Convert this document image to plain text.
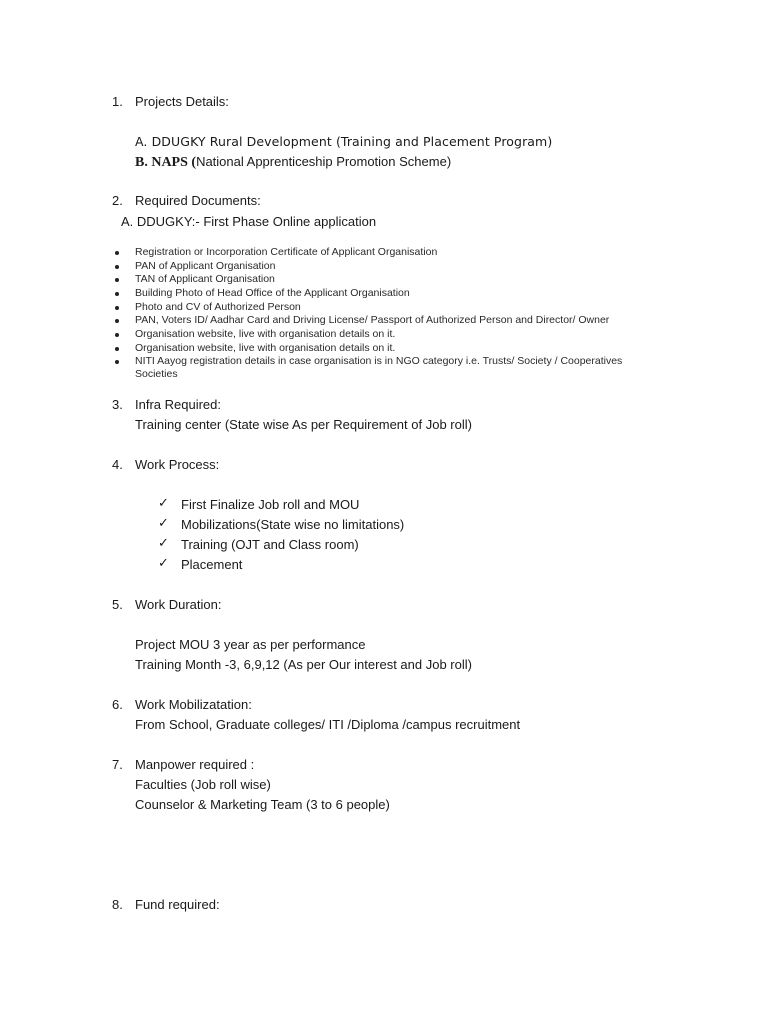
1. Projects Details:
A. DDUGKY Rural Development (Training and Placement Program)
B. NAPS (National Apprenticeship Promotion Scheme)
2. Required Documents:
A. DDUGKY:- First Phase Online application
Registration or Incorporation Certificate of Applicant Organisation
PAN of Applicant Organisation
TAN of Applicant Organisation
Building Photo of Head Office of the Applicant Organisation
Photo and CV of Authorized Person
PAN, Voters ID/ Aadhar Card and Driving License/ Passport of Authorized Person and Director/ Owner
Organisation website, live with organisation details on it.
Organisation website, live with organisation details on it.
NITI Aayog registration details in case organisation is in NGO category i.e. Trusts/ Society / Cooperatives
Societies
3. Infra Required:
Training center (State wise As per Requirement of Job roll)
4. Work Process:
✓ First Finalize Job roll and MOU
✓ Mobilizations(State wise no limitations)
✓ Training (OJT and Class room)
✓ Placement
5. Work Duration:
Project MOU 3 year as per performance
Training Month -3, 6,9,12 (As per Our interest and Job roll)
6. Work Mobilizatation:
From School, Graduate colleges/ ITI /Diploma /campus recruitment
7. Manpower required :
Faculties (Job roll wise)
Counselor & Marketing Team (3 to 6 people)
8. Fund required:
